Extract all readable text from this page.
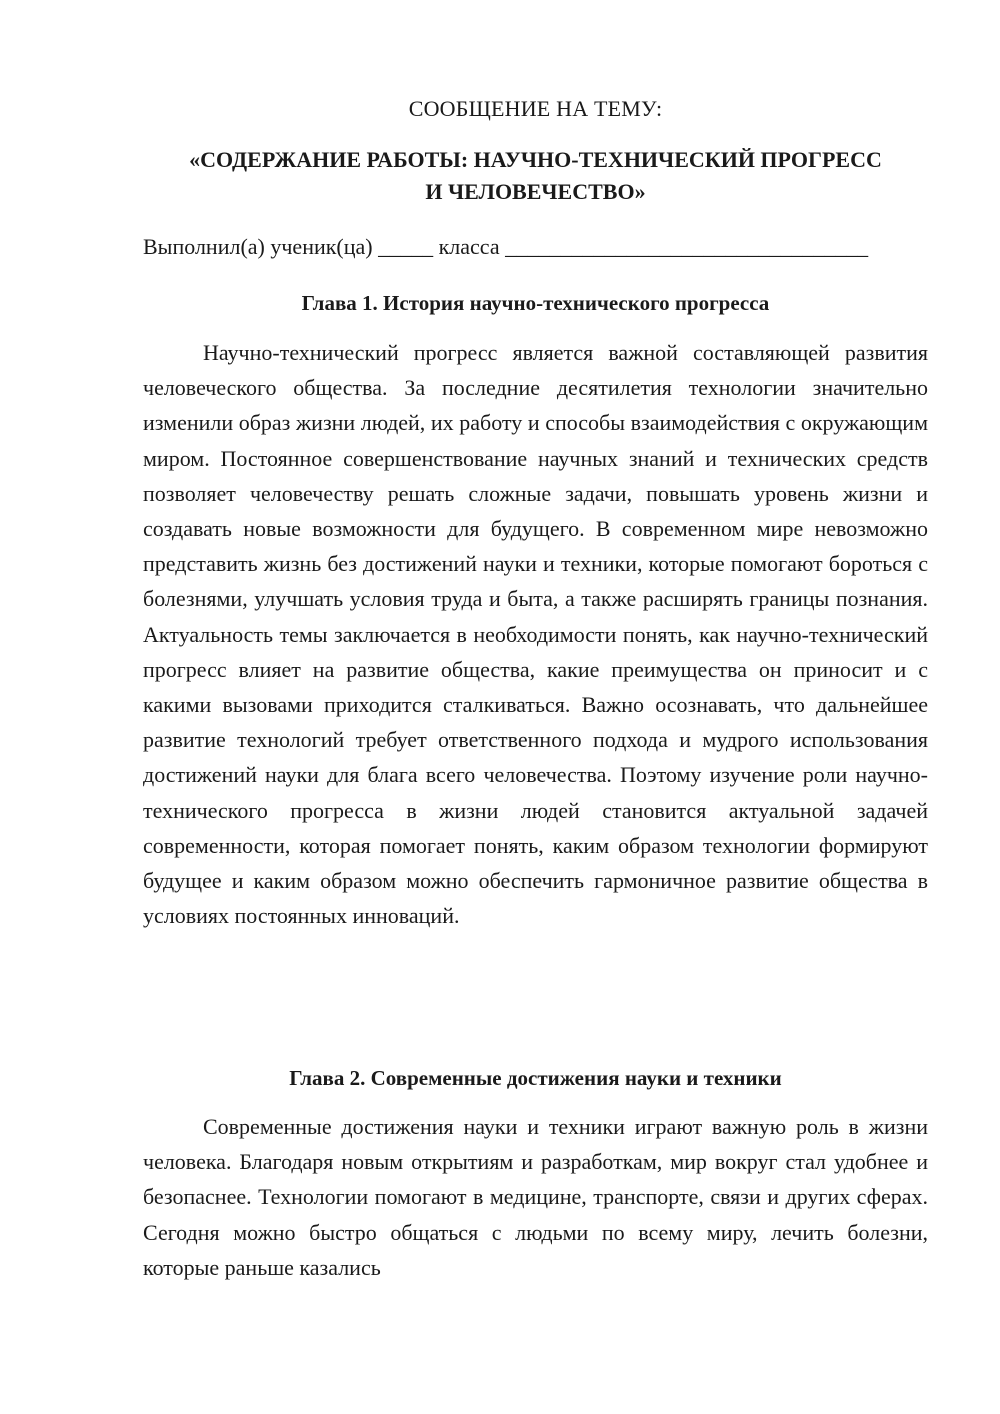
СООБЩЕНИЕ НА ТЕМУ:
«СОДЕРЖАНИЕ РАБОТЫ: НАУЧНО-ТЕХНИЧЕСКИЙ ПРОГРЕСС
И ЧЕЛОВЕЧЕСТВО»
Выполнил(а) ученик(ца) _____ класса _________________________________
Глава 1. История научно-технического прогресса

Научно-технический прогресс является важной составляющей развития человеческого общества. За последние десятилетия технологии значительно изменили образ жизни людей, их работу и способы взаимодействия с окружающим миром. Постоянное совершенствование научных знаний и технических средств позволяет человечеству решать сложные задачи, повышать уровень жизни и создавать новые возможности для будущего. В современном мире невозможно представить жизнь без достижений науки и техники, которые помогают бороться с болезнями, улучшать условия труда и быта, а также расширять границы познания. Актуальность темы заключается в необходимости понять, как научно-технический прогресс влияет на развитие общества, какие преимущества он приносит и с какими вызовами приходится сталкиваться. Важно осознавать, что дальнейшее развитие технологий требует ответственного подхода и мудрого использования достижений науки для блага всего человечества. Поэтому изучение роли научно-технического прогресса в жизни людей становится актуальной задачей современности, которая помогает понять, каким образом технологии формируют будущее и каким образом можно обеспечить гармоничное развитие общества в условиях постоянных инноваций.

Глава 2. Современные достижения науки и техники

Современные достижения науки и техники играют важную роль в жизни человека. Благодаря новым открытиям и разработкам, мир вокруг стал удобнее и безопаснее. Технологии помогают в медицине, транспорте, связи и других сферах. Сегодня можно быстро общаться с людьми по всему миру, лечить болезни, которые раньше казались
